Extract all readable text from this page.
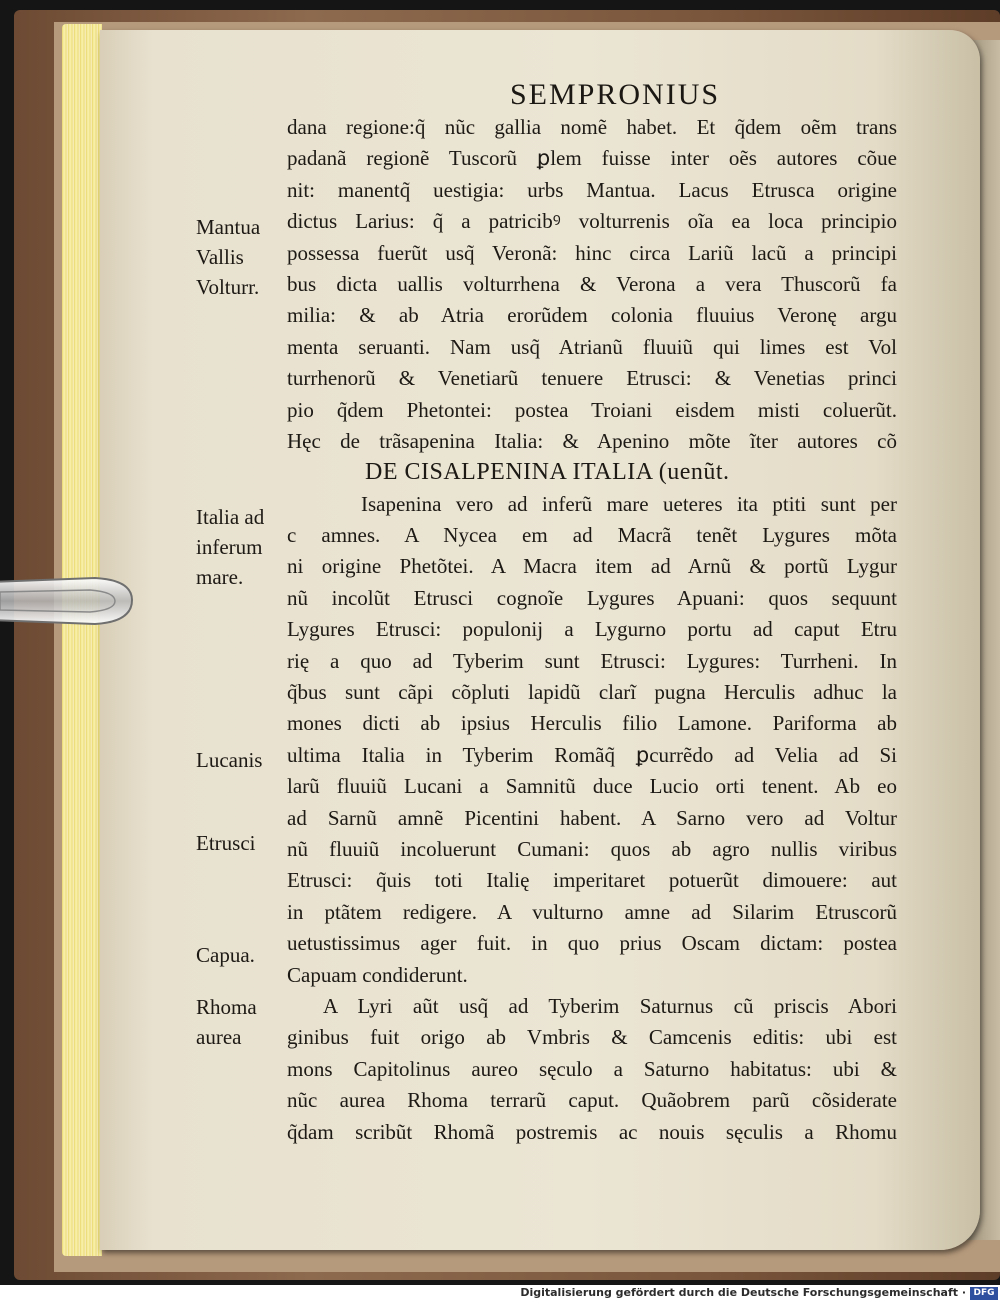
SEMPRONIUS
dana regione:q̃ nũc gallia nomẽ habet. Et q̃dem oẽm trans
padanã regionẽ Tuscorũ ꝑlem fuisse inter oẽs autores cõue
nit: manentq̃ uestigia: urbs Mantua. Lacus Etrusca origine
dictus Larius: q̃ a patricibꝰ volturrenis oĩa ea loca principio
possessa fuerũt usq̃ Veronã: hinc circa Lariũ lacũ a principi
bus dicta uallis volturrhena & Verona a vera Thuscorũ fa
milia: & ab Atria erorũdem colonia fluuius Veronę argu
menta seruanti. Nam usq̃ Atrianũ fluuiũ qui limes est Vol
turrhenorũ & Venetiarũ tenuere Etrusci: & Venetias princi
pio q̃dem Phetontei: postea Troiani eisdem misti coluerũt.
Hęc de trãsapenina Italia: & Apenino mõte ĩter autores cõ
DE CISALPENINA ITALIA (uenũt.
Isapenina vero ad inferũ mare ueteres ita ptiti sunt per
c amnes. A Nycea em ad Macrã tenẽt Lygures mõta
ni origine Phetõtei. A Macra item ad Arnũ & portũ Lygur
nũ incolũt Etrusci cognoĩe Lygures Apuani: quos sequunt
Lygures Etrusci: populonij a Lygurno portu ad caput Etru
rię a quo ad Tyberim sunt Etrusci: Lygures: Turrheni. In
q̃bus sunt cãpi cõpluti lapidũ clarĩ pugna Herculis adhuc la
mones dicti ab ipsius Herculis filio Lamone. Pariforma ab
ultima Italia in Tyberim Romãq̃ ꝑcurrẽdo ad Velia ad Si
larũ fluuiũ Lucani a Samnitũ duce Lucio orti tenent. Ab eo
ad Sarnũ amnẽ Picentini habent. A Sarno vero ad Voltur
nũ fluuiũ incoluerunt Cumani: quos ab agro nullis viribus
Etrusci: q̃uis toti Italię imperitaret potuerũt dimouere: aut
in ptãtem redigere. A vulturno amne ad Silarim Etruscorũ
uetustissimus ager fuit. in quo prius Oscam dictam: postea
Capuam condiderunt.
A Lyri aũt usq̃ ad Tyberim Saturnus cũ priscis Abori
ginibus fuit origo ab Vmbris & Camcenis editis: ubi est
mons Capitolinus aureo sęculo a Saturno habitatus: ubi &
nũc aurea Rhoma terrarũ caput. Quãobrem parũ cõsiderate
q̃dam scribũt Rhomã postremis ac nouis sęculis a Rhomu
Mantua
Vallis
Volturr.
Italia ad
inferum
mare.
Lucanis
Etrusci
Capua.
Rhoma
aurea
Digitalisierung gefördert durch die Deutsche Forschungsgemeinschaft · DFG
